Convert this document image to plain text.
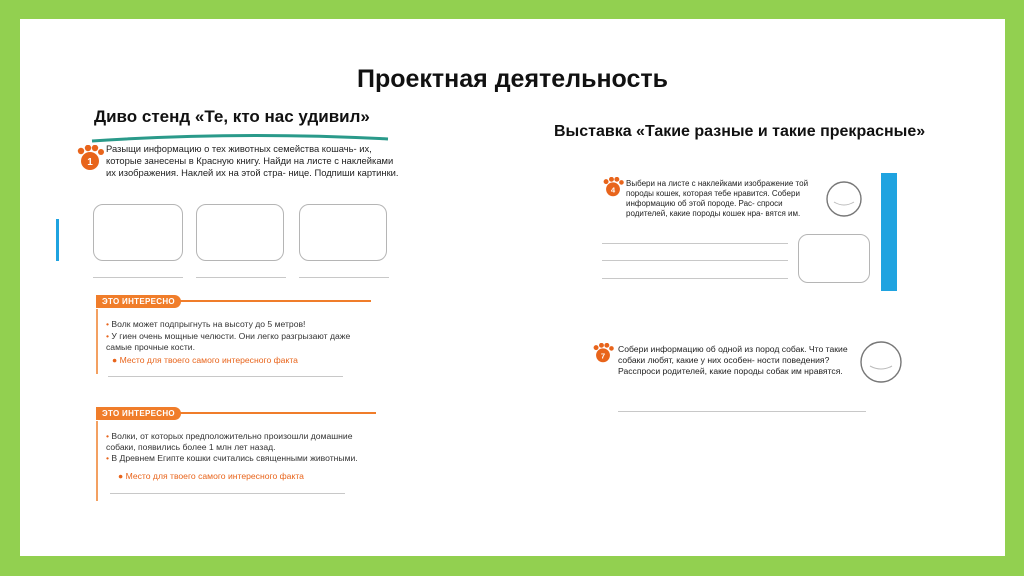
Проектная деятельность
Диво стенд «Те, кто нас удивил»
1
Разыщи информацию о тех животных семейства кошачь- их, которые занесены в Красную книгу. Найди на листе с наклейками их изображения. Наклей их на этой стра- нице. Подпиши картинки.
ЭТО ИНТЕРЕСНО
• Волк может подпрыгнуть на высоту до 5 метров!
• У гиен очень мощные челюсти. Они легко разгрызают даже самые прочные кости.
● Место для твоего самого интересного факта
ЭТО ИНТЕРЕСНО
• Волки, от которых предположительно произошли домашние собаки, появились более 1 млн лет назад.
• В Древнем Египте кошки считались священными животными.
● Место для твоего самого интересного факта
Выставка «Такие разные и такие прекрасные»
4
Выбери на листе с наклейками изображение той породы кошек, которая тебе нравится. Собери информацию об этой породе. Рас- спроси родителей, какие породы кошек нра- вятся им.
7
Собери информацию об одной из пород собак. Что такие собаки любят, какие у них особен- ности поведения? Расспроси родителей, какие породы собак им нравятся.
